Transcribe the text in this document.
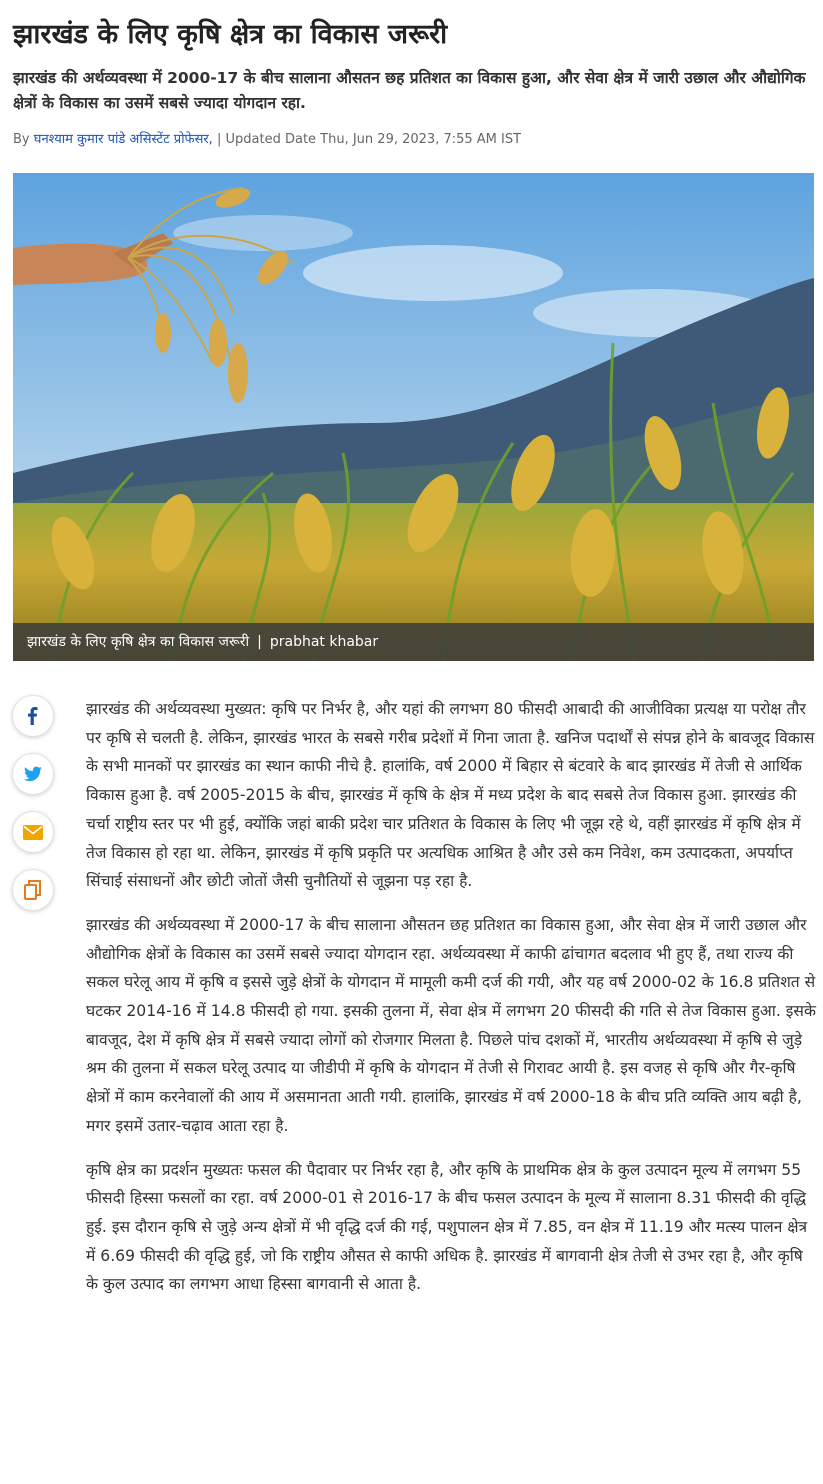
झारखंड के लिए कृषि क्षेत्र का विकास जरूरी

झारखंड की अर्थव्यवस्था में 2000-17 के बीच सालाना औसतन छह प्रतिशत का विकास हुआ, और सेवा क्षेत्र में जारी उछाल और औद्योगिक क्षेत्रों के विकास का उसमें सबसे ज्यादा योगदान रहा.

By घनश्याम कुमार पांडे असिस्टेंट प्रोफेसर, | Updated Date Thu, Jun 29, 2023, 7:55 AM IST
झारखंड के लिए कृषि क्षेत्र का विकास जरूरी | prabhat khabar

झारखंड की अर्थव्यवस्था मुख्यत: कृषि पर निर्भर है, और यहां की लगभग 80 फीसदी आबादी की आजीविका प्रत्यक्ष या परोक्ष तौर पर कृषि से चलती है. लेकिन, झारखंड भारत के सबसे गरीब प्रदेशों में गिना जाता है. खनिज पदार्थों से संपन्न होने के बावजूद विकास के सभी मानकों पर झारखंड का स्थान काफी नीचे है. हालांकि, वर्ष 2000 में बिहार से बंटवारे के बाद झारखंड में तेजी से आर्थिक विकास हुआ है. वर्ष 2005-2015 के बीच, झारखंड में कृषि के क्षेत्र में मध्य प्रदेश के बाद सबसे तेज विकास हुआ. झारखंड की चर्चा राष्ट्रीय स्तर पर भी हुई, क्योंकि जहां बाकी प्रदेश चार प्रतिशत के विकास के लिए भी जूझ रहे थे, वहीं झारखंड में कृषि क्षेत्र में तेज विकास हो रहा था. लेकिन, झारखंड में कृषि प्रकृति पर अत्यधिक आश्रित है और उसे कम निवेश, कम उत्पादकता, अपर्याप्त सिंचाई संसाधनों और छोटी जोतों जैसी चुनौतियों से जूझना पड़ रहा है.

झारखंड की अर्थव्यवस्था में 2000-17 के बीच सालाना औसतन छह प्रतिशत का विकास हुआ, और सेवा क्षेत्र में जारी उछाल और औद्योगिक क्षेत्रों के विकास का उसमें सबसे ज्यादा योगदान रहा. अर्थव्यवस्था में काफी ढांचागत बदलाव भी हुए हैं, तथा राज्य की सकल घरेलू आय में कृषि व इससे जुड़े क्षेत्रों के योगदान में मामूली कमी दर्ज की गयी, और यह वर्ष 2000-02 के 16.8 प्रतिशत से घटकर 2014-16 में 14.8 फीसदी हो गया. इसकी तुलना में, सेवा क्षेत्र में लगभग 20 फीसदी की गति से तेज विकास हुआ. इसके बावजूद, देश में कृषि क्षेत्र में सबसे ज्यादा लोगों को रोजगार मिलता है. पिछले पांच दशकों में, भारतीय अर्थव्यवस्था में कृषि से जुड़े श्रम की तुलना में सकल घरेलू उत्पाद या जीडीपी में कृषि के योगदान में तेजी से गिरावट आयी है. इस वजह से कृषि और गैर-कृषि क्षेत्रों में काम करनेवालों की आय में असमानता आती गयी. हालांकि, झारखंड में वर्ष 2000-18 के बीच प्रति व्यक्ति आय बढ़ी है, मगर इसमें उतार-चढ़ाव आता रहा है.

कृषि क्षेत्र का प्रदर्शन मुख्यतः फसल की पैदावार पर निर्भर रहा है, और कृषि के प्राथमिक क्षेत्र के कुल उत्पादन मूल्य में लगभग 55 फीसदी हिस्सा फसलों का रहा. वर्ष 2000-01 से 2016-17 के बीच फसल उत्पादन के मूल्य में सालाना 8.31 फीसदी की वृद्धि हुई. इस दौरान कृषि से जुड़े अन्य क्षेत्रों में भी वृद्धि दर्ज की गई, पशुपालन क्षेत्र में 7.85, वन क्षेत्र में 11.19 और मत्स्य पालन क्षेत्र में 6.69 फीसदी की वृद्धि हुई, जो कि राष्ट्रीय औसत से काफी अधिक है. झारखंड में बागवानी क्षेत्र तेजी से उभर रहा है, और कृषि के कुल उत्पाद का लगभग आधा हिस्सा बागवानी से आता है.
